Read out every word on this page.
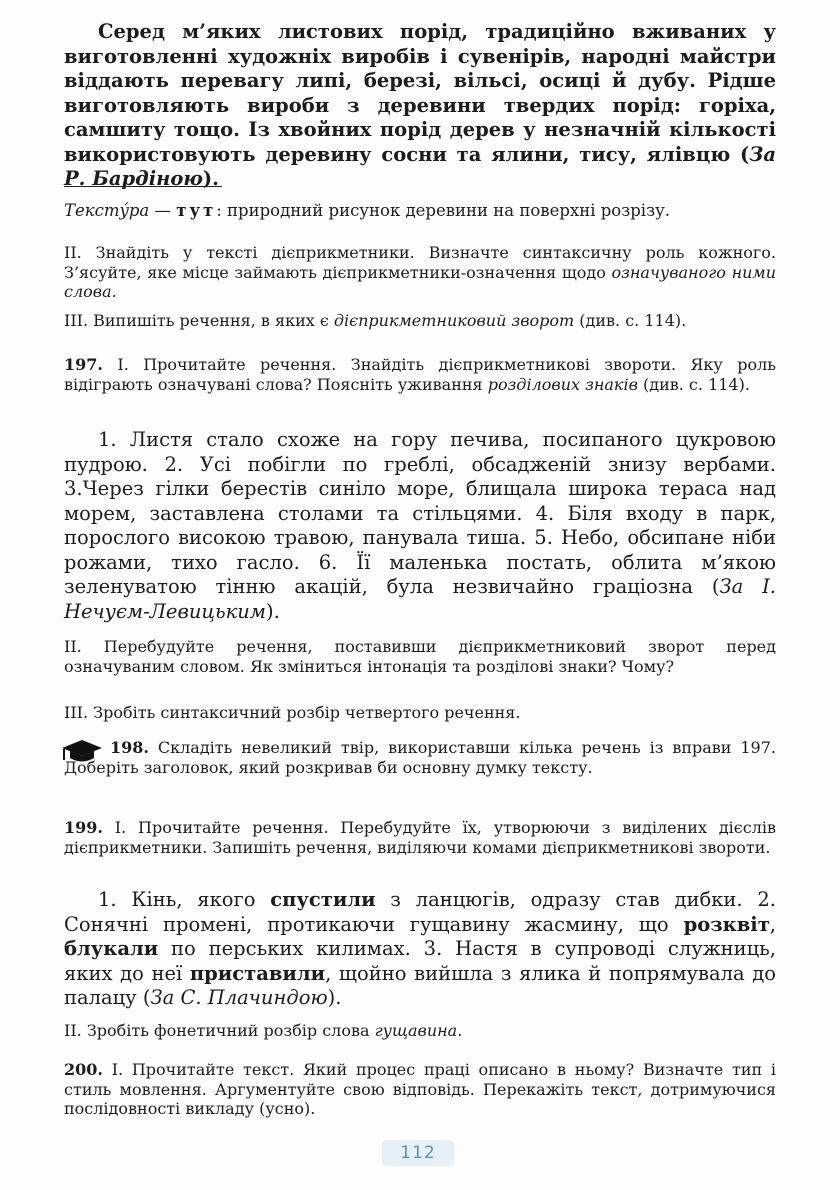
Серед м’яких листових порід, традиційно вживаних у виготовленні художніх виробів і сувенірів, народні майстри віддають перевагу липі, березі, вільсі, осиці й дубу. Рідше виготовляють вироби з деревини твердих порід: горіха, самшиту тощо. Із хвойних порід дерев у незначній кількості використовують деревину сосни та ялини, тису, ялівцю (За Р. Бардіною).
Текстýра — тут: природний рисунок деревини на поверхні розрізу.
II. Знайдіть у тексті дієприкметники. Визначте синтаксичну роль кожного. З’ясуйте, яке місце займають дієприкметники-означення щодо означуваного ними слова.
III. Випишіть речення, в яких є дієприкметниковий зворот (див. с. 114).
197. I. Прочитайте речення. Знайдіть дієприкметникові звороти. Яку роль відіграють означувані слова? Поясніть уживання розділових знаків (див. с. 114).
1. Листя стало схоже на гору печива, посипаного цукровою пудрою. 2. Усі побігли по греблі, обсадженій знизу вербами. 3.Через гілки берестів синіло море, блищала широка тераса над морем, заставлена столами та стільцями. 4. Біля входу в парк, порослого високою травою, панувала тиша. 5. Небо, обсипане ніби рожами, тихо гасло. 6. Її маленька постать, облита м’якою зеленуватою тінню акацій, була незвичайно граціозна (За І. Нечуєм-Левицьким).
II. Перебудуйте речення, поставивши дієприкметниковий зворот перед означуваним словом. Як зміниться інтонація та розділові знаки? Чому?
III. Зробіть синтаксичний розбір четвертого речення.
198. Складіть невеликий твір, використавши кілька речень із вправи 197. Доберіть заголовок, який розкривав би основну думку тексту.
199. I. Прочитайте речення. Перебудуйте їх, утворюючи з виділених дієслів дієприкметники. Запишіть речення, виділяючи комами дієприкметникові звороти.
1. Кінь, якого спустили з ланцюгів, одразу став дибки. 2. Сонячні промені, протикаючи гущавину жасмину, що розквіт, блукали по перських килимах. 3. Настя в супроводі служниць, яких до неї приставили, щойно вийшла з ялика й попрямувала до палацу (За С. Плачиндою).
II. Зробіть фонетичний розбір слова гущавина.
200. I. Прочитайте текст. Який процес праці описано в ньому? Визначте тип і стиль мовлення. Аргументуйте свою відповідь. Перекажіть текст, дотримуючися послідовності викладу (усно).
112
